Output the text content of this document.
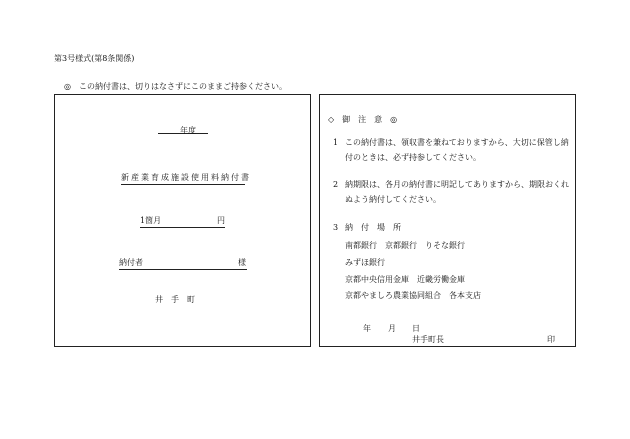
第3号様式(第8条関係)
◎　この納付書は、切りはなさずにこのままご持参ください。
年度
新産業育成施設使用料納付書
1箇月	円
納付者	様
井　手　町
◇　御　注　意　◎
1 この納付書は、領収書を兼ねておりますから、大切に保管し納
付のときは、必ず持参してください。
2 納期限は、各月の納付書に明記してありますから、期限おくれ
ぬよう納付してください。
3 納　付　場　所
南都銀行　京都銀行　りそな銀行
みずほ銀行
京都中央信用金庫　近畿労働金庫
京都やましろ農業協同組合　各本支店
年 月 日
井手町長	印
